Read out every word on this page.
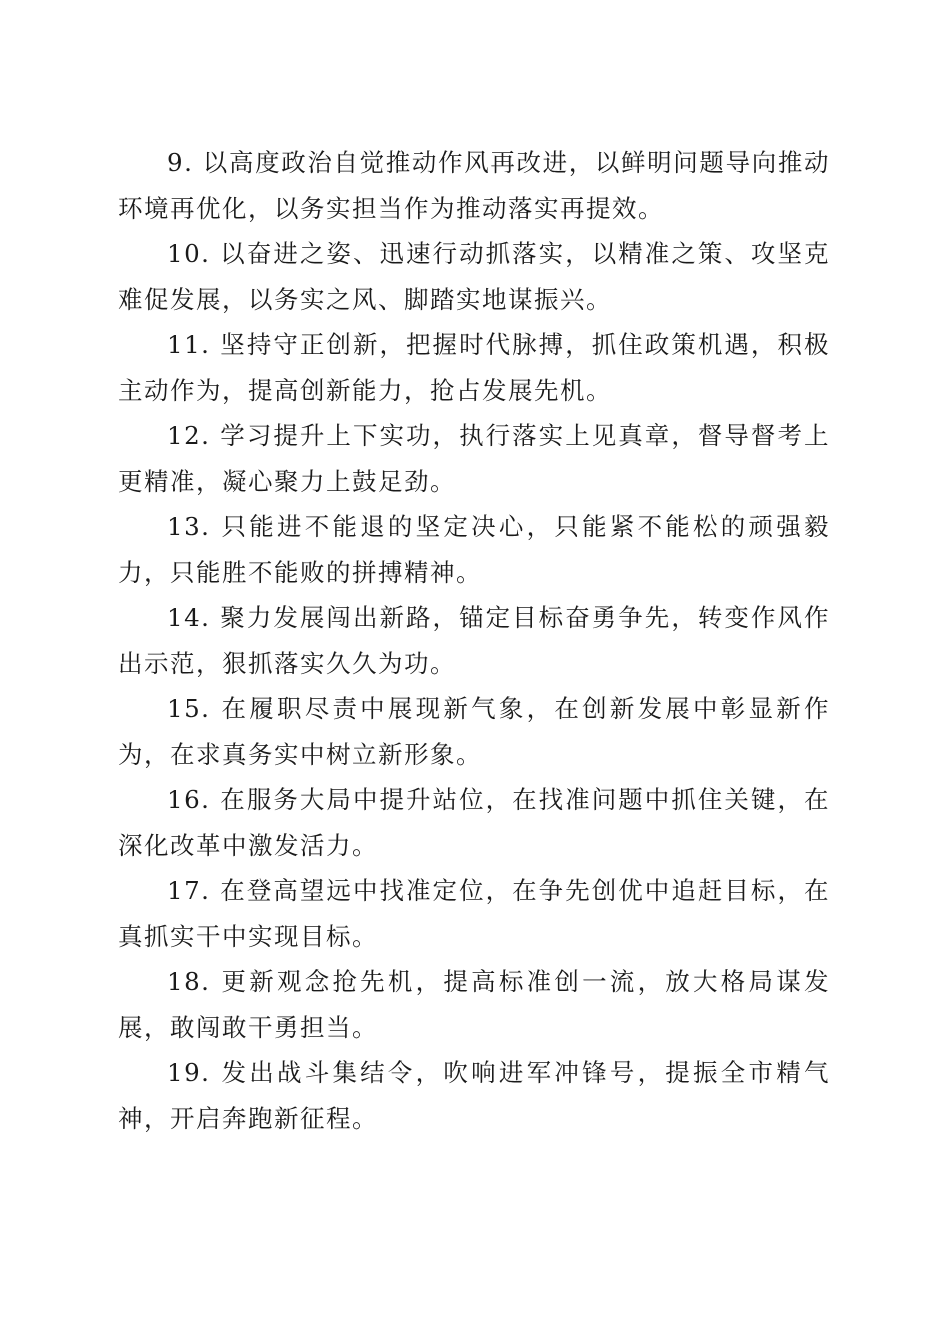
9. 以高度政治自觉推动作风再改进，以鲜明问题导向推动环境再优化，以务实担当作为推动落实再提效。

10. 以奋进之姿、迅速行动抓落实，以精准之策、攻坚克难促发展，以务实之风、脚踏实地谋振兴。

11. 坚持守正创新，把握时代脉搏，抓住政策机遇，积极主动作为，提高创新能力，抢占发展先机。

12. 学习提升上下实功，执行落实上见真章，督导督考上更精准，凝心聚力上鼓足劲。

13. 只能进不能退的坚定决心，只能紧不能松的顽强毅力，只能胜不能败的拼搏精神。

14. 聚力发展闯出新路，锚定目标奋勇争先，转变作风作出示范，狠抓落实久久为功。

15. 在履职尽责中展现新气象，在创新发展中彰显新作为，在求真务实中树立新形象。

16. 在服务大局中提升站位，在找准问题中抓住关键，在深化改革中激发活力。

17. 在登高望远中找准定位，在争先创优中追赶目标，在真抓实干中实现目标。

18. 更新观念抢先机，提高标准创一流，放大格局谋发展，敢闯敢干勇担当。

19. 发出战斗集结令，吹响进军冲锋号，提振全市精气神，开启奔跑新征程。
